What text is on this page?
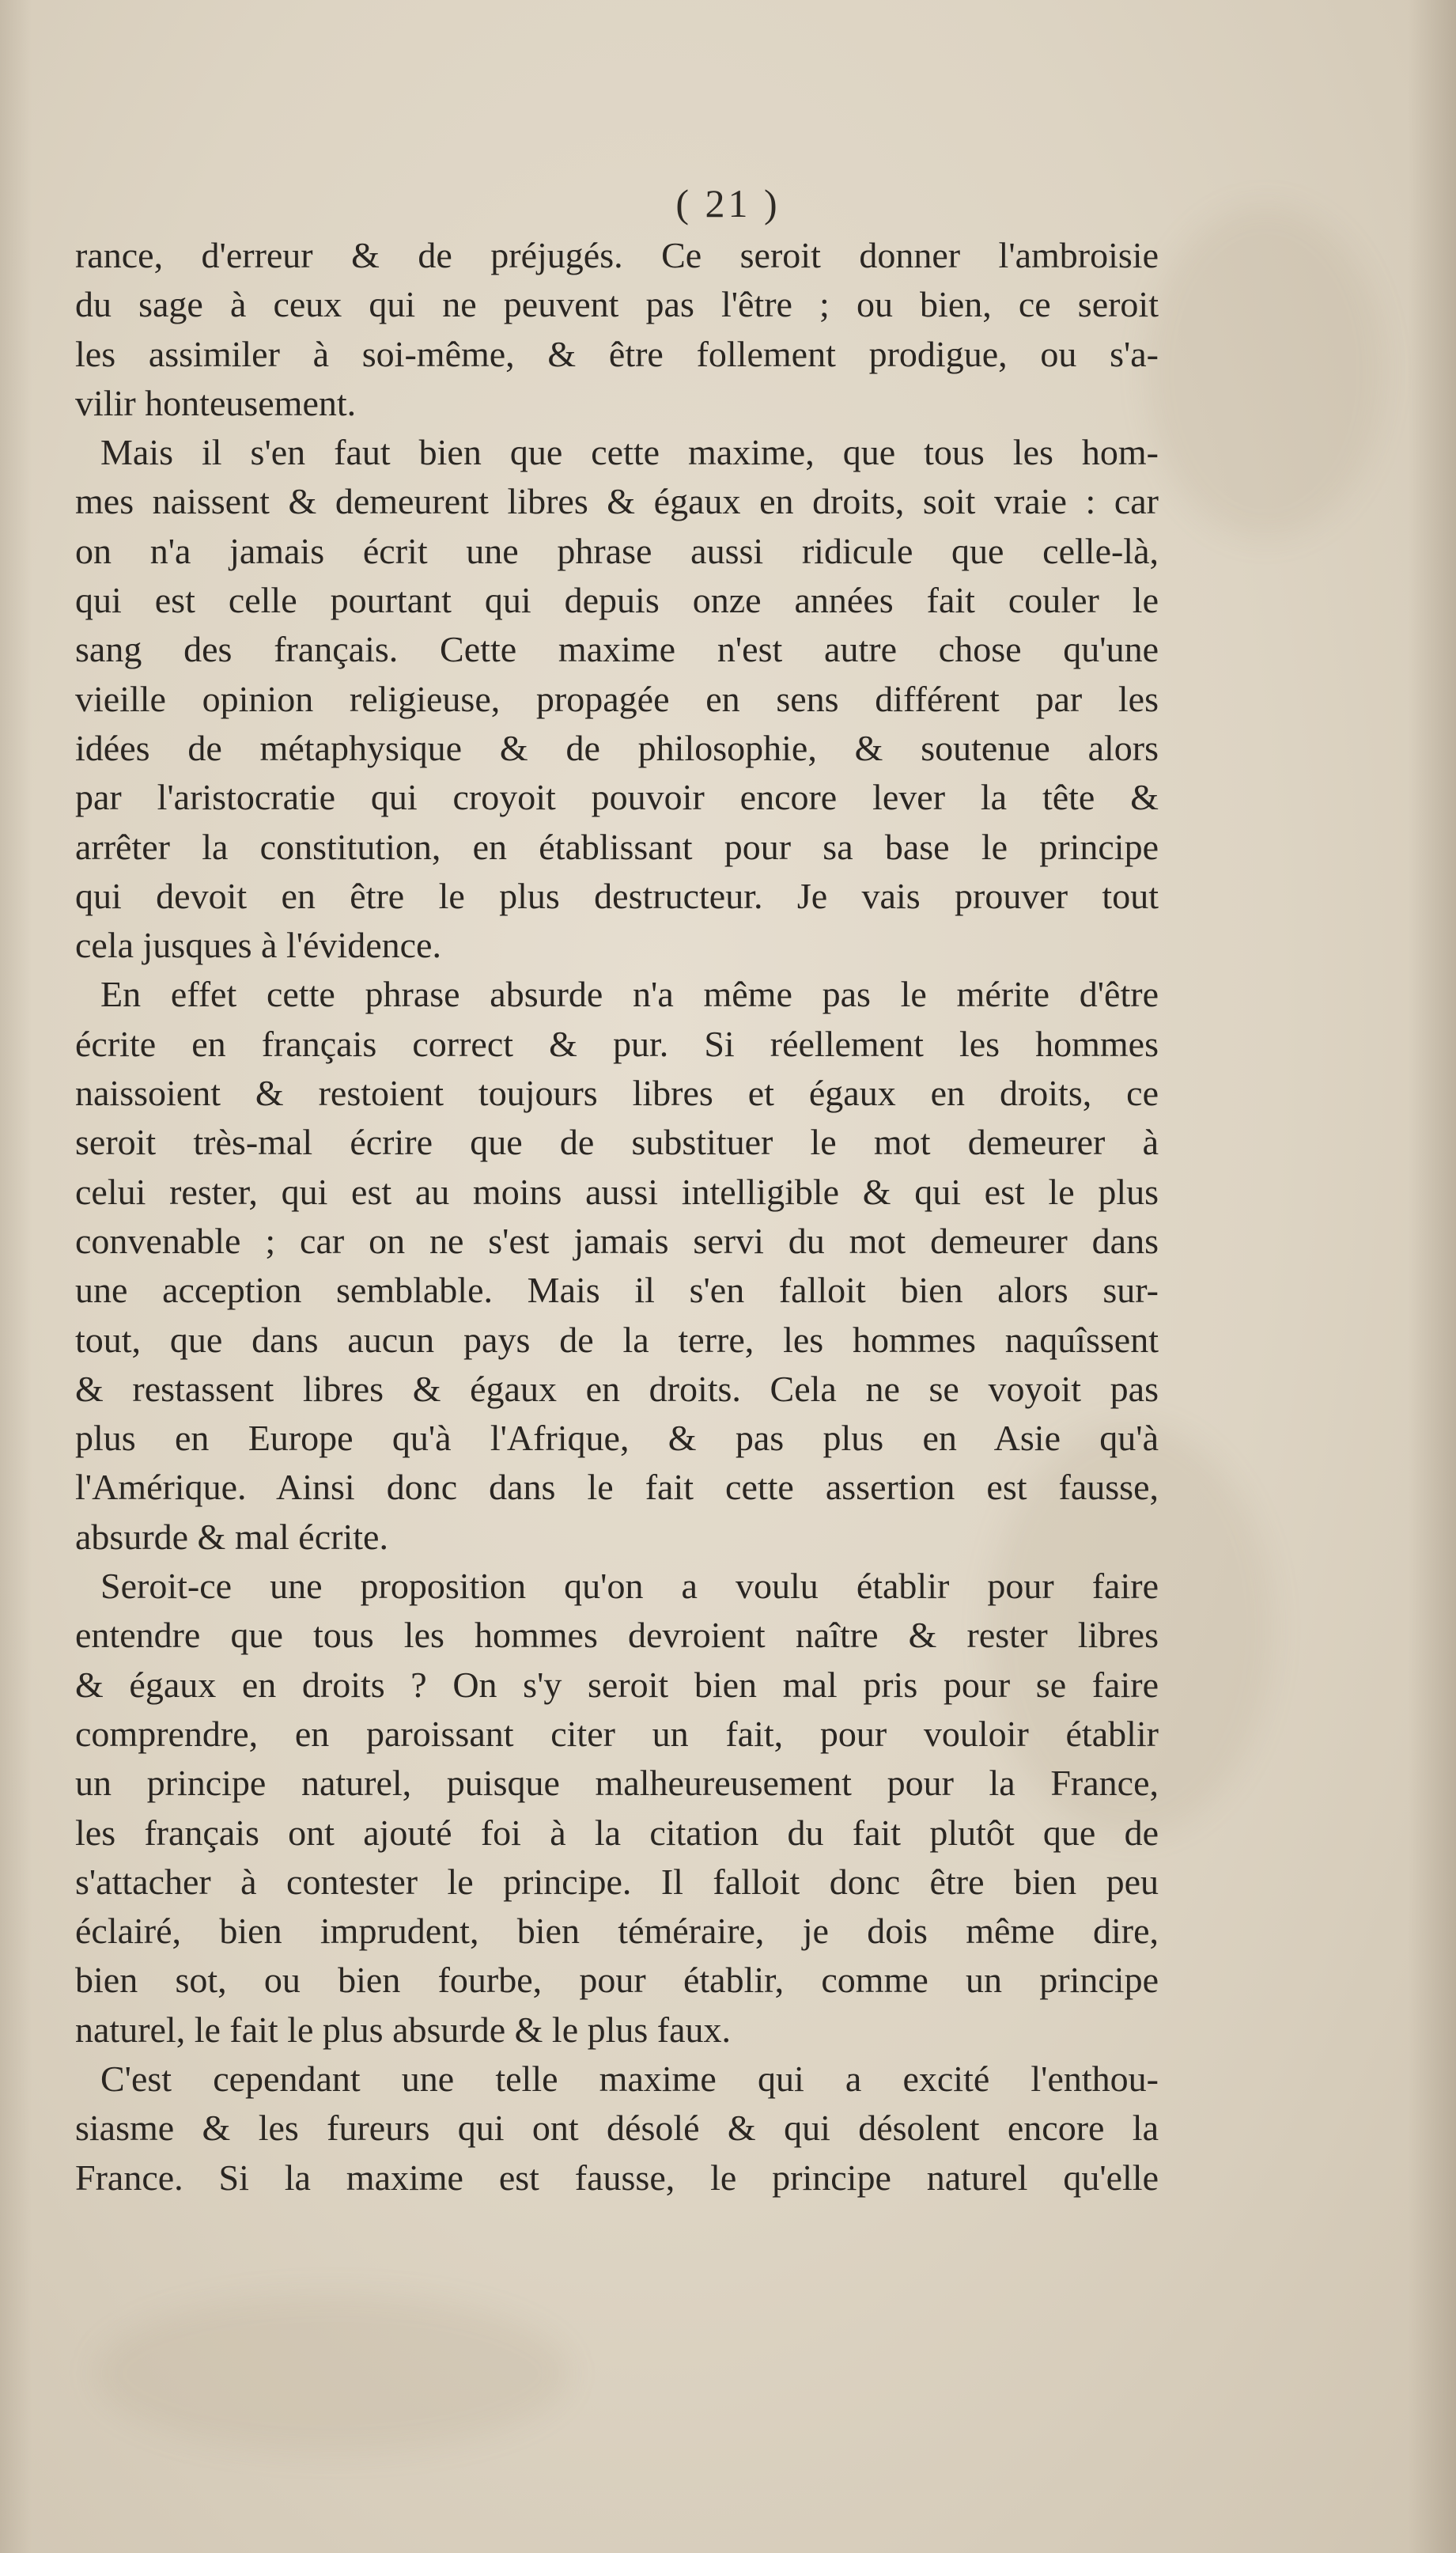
( 21 )
rance, d'erreur & de préjugés. Ce seroit donner l'ambroisie
du sage à ceux qui ne peuvent pas l'être ; ou bien, ce seroit
les assimiler à soi-même, & être follement prodigue, ou s'a-
vilir honteusement.
Mais il s'en faut bien que cette maxime, que tous les hom-
mes naissent & demeurent libres & égaux en droits, soit vraie : car
on n'a jamais écrit une phrase aussi ridicule que celle-là,
qui est celle pourtant qui depuis onze années fait couler le
sang des français. Cette maxime n'est autre chose qu'une
vieille opinion religieuse, propagée en sens différent par les
idées de métaphysique & de philosophie, & soutenue alors
par l'aristocratie qui croyoit pouvoir encore lever la tête &
arrêter la constitution, en établissant pour sa base le principe
qui devoit en être le plus destructeur. Je vais prouver tout
cela jusques à l'évidence.
En effet cette phrase absurde n'a même pas le mérite d'être
écrite en français correct & pur. Si réellement les hommes
naissoient & restoient toujours libres et égaux en droits, ce
seroit très-mal écrire que de substituer le mot demeurer à
celui rester, qui est au moins aussi intelligible & qui est le plus
convenable ; car on ne s'est jamais servi du mot demeurer dans
une acception semblable. Mais il s'en falloit bien alors sur-
tout, que dans aucun pays de la terre, les hommes naquîssent
& restassent libres & égaux en droits. Cela ne se voyoit pas
plus en Europe qu'à l'Afrique, & pas plus en Asie qu'à
l'Amérique. Ainsi donc dans le fait cette assertion est fausse,
absurde & mal écrite.
Seroit-ce une proposition qu'on a voulu établir pour faire
entendre que tous les hommes devroient naître & rester libres
& égaux en droits ? On s'y seroit bien mal pris pour se faire
comprendre, en paroissant citer un fait, pour vouloir établir
un principe naturel, puisque malheureusement pour la France,
les français ont ajouté foi à la citation du fait plutôt que de
s'attacher à contester le principe. Il falloit donc être bien peu
éclairé, bien imprudent, bien téméraire, je dois même dire,
bien sot, ou bien fourbe, pour établir, comme un principe
naturel, le fait le plus absurde & le plus faux.
C'est cependant une telle maxime qui a excité l'enthou-
siasme & les fureurs qui ont désolé & qui désolent encore la
France. Si la maxime est fausse, le principe naturel qu'elle
